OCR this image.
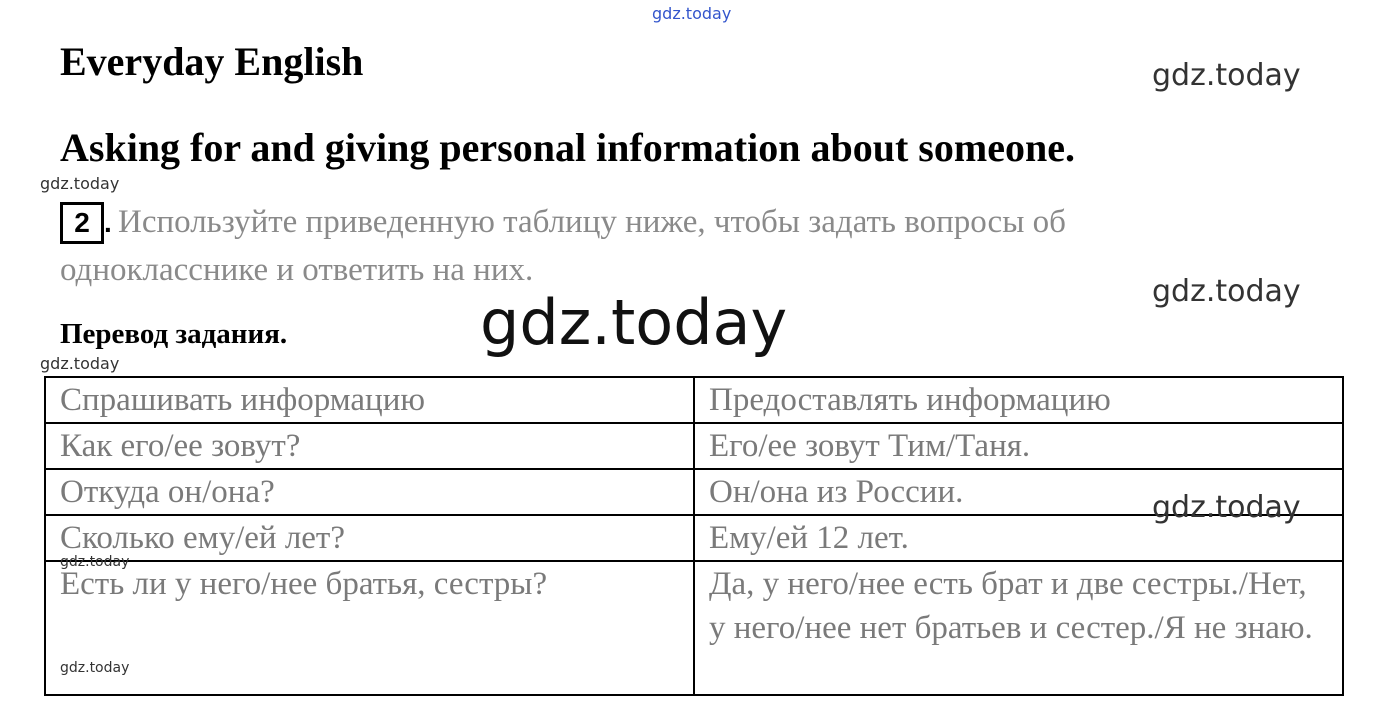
gdz.today
gdz.today
gdz.today
gdz.today
gdz.today
Everyday English
Asking for and giving personal information about someone.
2 . Используйте приведенную таблицу ниже, чтобы задать вопросы об
однокласснике и ответить на них.
Перевод задания.
Спрашивать информацию	Предоставлять информацию
Как его/ее зовут?	Его/ее зовут Тим/Таня.
Откуда он/она?	Он/она из России.
Сколько ему/ей лет?	Ему/ей 12 лет.
Есть ли у него/нее братья, сестры?	Да, у него/нее есть брат и две сестры./Нет, у него/нее нет братьев и сестер./Я не знаю.
gdz.today
gdz.today
gdz.today
gdz.today
